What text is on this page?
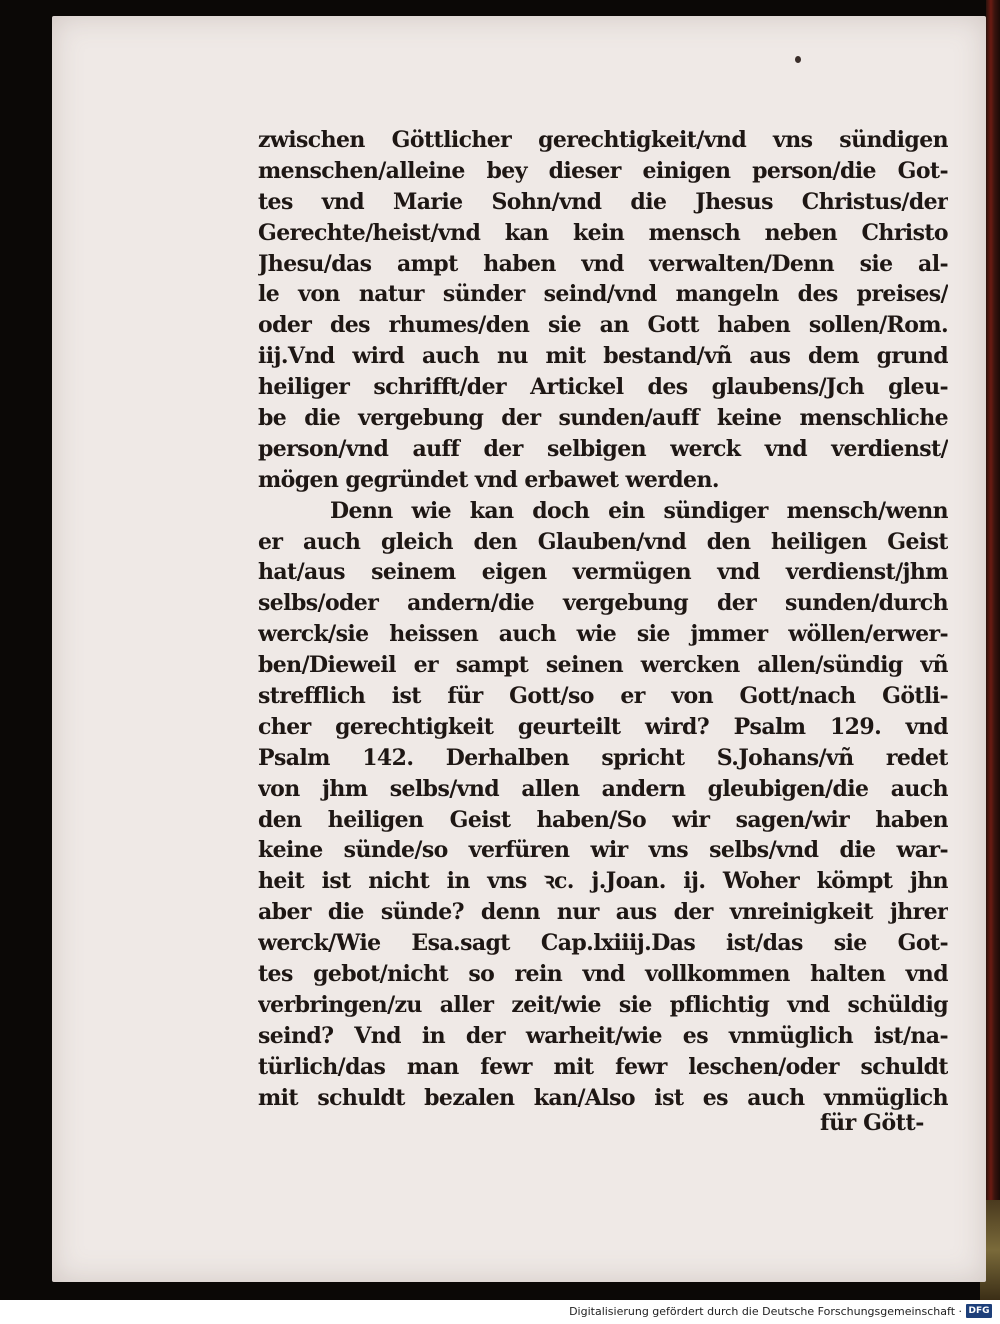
zwischen Göttlicher gerechtigkeit/vnd vns sündigen
menschen/alleine bey dieser einigen person/die Got-
tes vnd Marie Sohn/vnd die Jhesus Christus/der
Gerechte/heist/vnd kan kein mensch neben Christo
Jhesu/das ampt haben vnd verwalten/Denn sie al-
le von natur sünder seind/vnd mangeln des preises/
oder des rhumes/den sie an Gott haben sollen/Rom.
iij.Vnd wird auch nu mit bestand/vñ aus dem grund
heiliger schrifft/der Artickel des glaubens/Jch gleu-
be die vergebung der sunden/auff keine menschliche
person/vnd auff der selbigen werck vnd verdienst/
mögen gegründet vnd erbawet werden.
Denn wie kan doch ein sündiger mensch/wenn
er auch gleich den Glauben/vnd den heiligen Geist
hat/aus seinem eigen vermügen vnd verdienst/jhm
selbs/oder andern/die vergebung der sunden/durch
werck/sie heissen auch wie sie jmmer wöllen/erwer-
ben/Dieweil er sampt seinen wercken allen/sündig vñ
strefflich ist für Gott/so er von Gott/nach Götli-
cher gerechtigkeit geurteilt wird? Psalm 129. vnd
Psalm 142. Derhalben spricht S.Johans/vñ redet
von jhm selbs/vnd allen andern gleubigen/die auch
den heiligen Geist haben/So wir sagen/wir haben
keine sünde/so verfüren wir vns selbs/vnd die war-
heit ist nicht in vns ꝛc. j.Joan. ij. Woher kömpt jhn
aber die sünde? denn nur aus der vnreinigkeit jhrer
werck/Wie Esa.sagt Cap.lxiiij.Das ist/das sie Got-
tes gebot/nicht so rein vnd vollkommen halten vnd
verbringen/zu aller zeit/wie sie pflichtig vnd schüldig
seind? Vnd in der warheit/wie es vnmüglich ist/na-
türlich/das man fewr mit fewr leschen/oder schuldt
mit schuldt bezalen kan/Also ist es auch vnmüglich
für Gött-
Digitalisierung gefördert durch die Deutsche Forschungsgemeinschaft · DFG
